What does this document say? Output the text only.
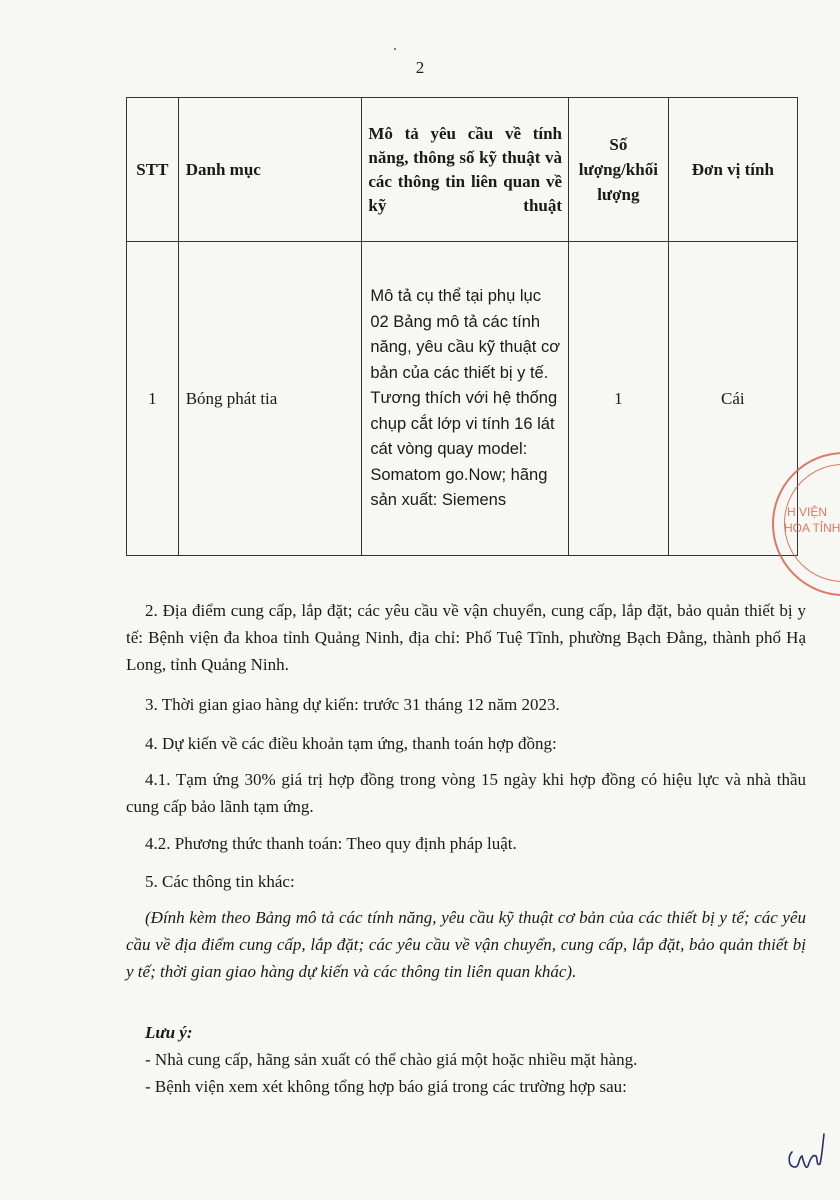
2
STT	Danh mục	Mô tả yêu cầu về tính năng, thông số kỹ thuật và các thông tin liên quan về kỹ thuật	Số lượng/khối lượng	Đơn vị tính
1	Bóng phát tia	Mô tả cụ thể tại phụ lục 02 Bảng mô tả các tính năng, yêu cầu kỹ thuật cơ bản của các thiết bị y tế.
Tương thích với hệ thống chụp cắt lớp vi tính 16 lát cát vòng quay model: Somatom go.Now; hãng sản xuất: Siemens	1	Cái
2. Địa điểm cung cấp, lắp đặt; các yêu cầu về vận chuyển, cung cấp, lắp đặt, bảo quản thiết bị y tế: Bệnh viện đa khoa tỉnh Quảng Ninh, địa chỉ: Phố Tuệ Tĩnh, phường Bạch Đằng, thành phố Hạ Long, tỉnh Quảng Ninh.
3. Thời gian giao hàng dự kiến: trước 31 tháng 12 năm 2023.
4. Dự kiến về các điều khoản tạm ứng, thanh toán hợp đồng:
4.1. Tạm ứng 30% giá trị hợp đồng trong vòng 15 ngày khi hợp đồng có hiệu lực và nhà thầu cung cấp bảo lãnh tạm ứng.
4.2. Phương thức thanh toán: Theo quy định pháp luật.
5. Các thông tin khác:
(Đính kèm theo Bảng mô tả các tính năng, yêu cầu kỹ thuật cơ bản của các thiết bị y tế; các yêu cầu về địa điểm cung cấp, lắp đặt; các yêu cầu về vận chuyển, cung cấp, lắp đặt, bảo quản thiết bị y tế; thời gian giao hàng dự kiến và các thông tin liên quan khác).
Lưu ý:
- Nhà cung cấp, hãng sản xuất có thể chào giá một hoặc nhiều mặt hàng.
- Bệnh viện xem xét không tổng hợp báo giá trong các trường hợp sau:
H VIỆN
HOA TỈNH
